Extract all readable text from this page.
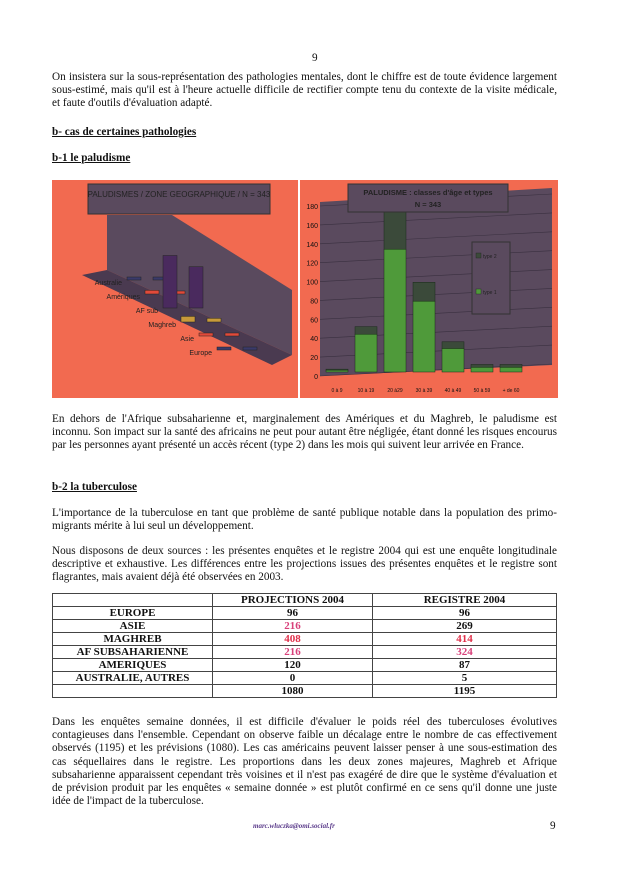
9

On insistera sur la sous-représentation des pathologies mentales, dont le chiffre est de toute évidence largement sous-estimé, mais qu'il est à l'heure actuelle difficile de rectifier compte tenu du contexte de la visite médicale, et faute d'outils d'évaluation adapté.

b- cas de certaines pathologies
b-1 le paludisme
PALUDISMES / ZONE GEOGRAPHIQUE / N = 343
Australie
Amériques
AF sub
Maghreb
Asie
Europe
0
20
40
60
80
100
120
140
160
180
0 à 9	10 à 19	20 à29	30 à 39 40 à 49 50 à 59 + de 60
PALUDISME : classes d'âge et types
N = 343
type 2
type 1

En dehors de l'Afrique subsaharienne et, marginalement des Amériques et du Maghreb, le paludisme est inconnu. Son impact sur la santé des africains ne peut pour autant être négligée, étant donné les risques encourus par les personnes ayant présenté un accès récent (type 2) dans les mois qui suivent leur arrivée en France.

b-2 la tuberculose

L'importance de la tuberculose en tant que problème de santé publique notable dans la population des primo-migrants mérite à lui seul un développement.

Nous disposons de deux sources : les présentes enquêtes et le registre 2004 qui est une enquête longitudinale descriptive et exhaustive. Les différences entre les projections issues des présentes enquêtes et le registre sont flagrantes, mais avaient déjà été observées en 2003.

	PROJECTIONS 2004	REGISTRE 2004
EUROPE	96	96
ASIE	216	269
MAGHREB	408	414
AF SUBSAHARIENNE	216	324
AMERIQUES	120	87
AUSTRALIE, AUTRES	0	5
	1080	1195

Dans les enquêtes semaine données, il est difficile d'évaluer le poids réel des tuberculoses évolutives contagieuses dans l'ensemble. Cependant on observe faible un décalage entre le nombre de cas effectivement observés (1195) et les prévisions (1080). Les cas américains peuvent laisser penser à une sous-estimation des cas séquellaires dans le registre. Les proportions dans les deux zones majeures, Maghreb et Afrique subsaharienne apparaissent cependant très voisines et il n'est pas exagéré de dire que le système d'évaluation et de prévision produit par les enquêtes « semaine donnée » est plutôt confirmé en ce sens qu'il donne une juste idée de l'impact de la tuberculose.

marc.wluczka@omi.social.fr	9
